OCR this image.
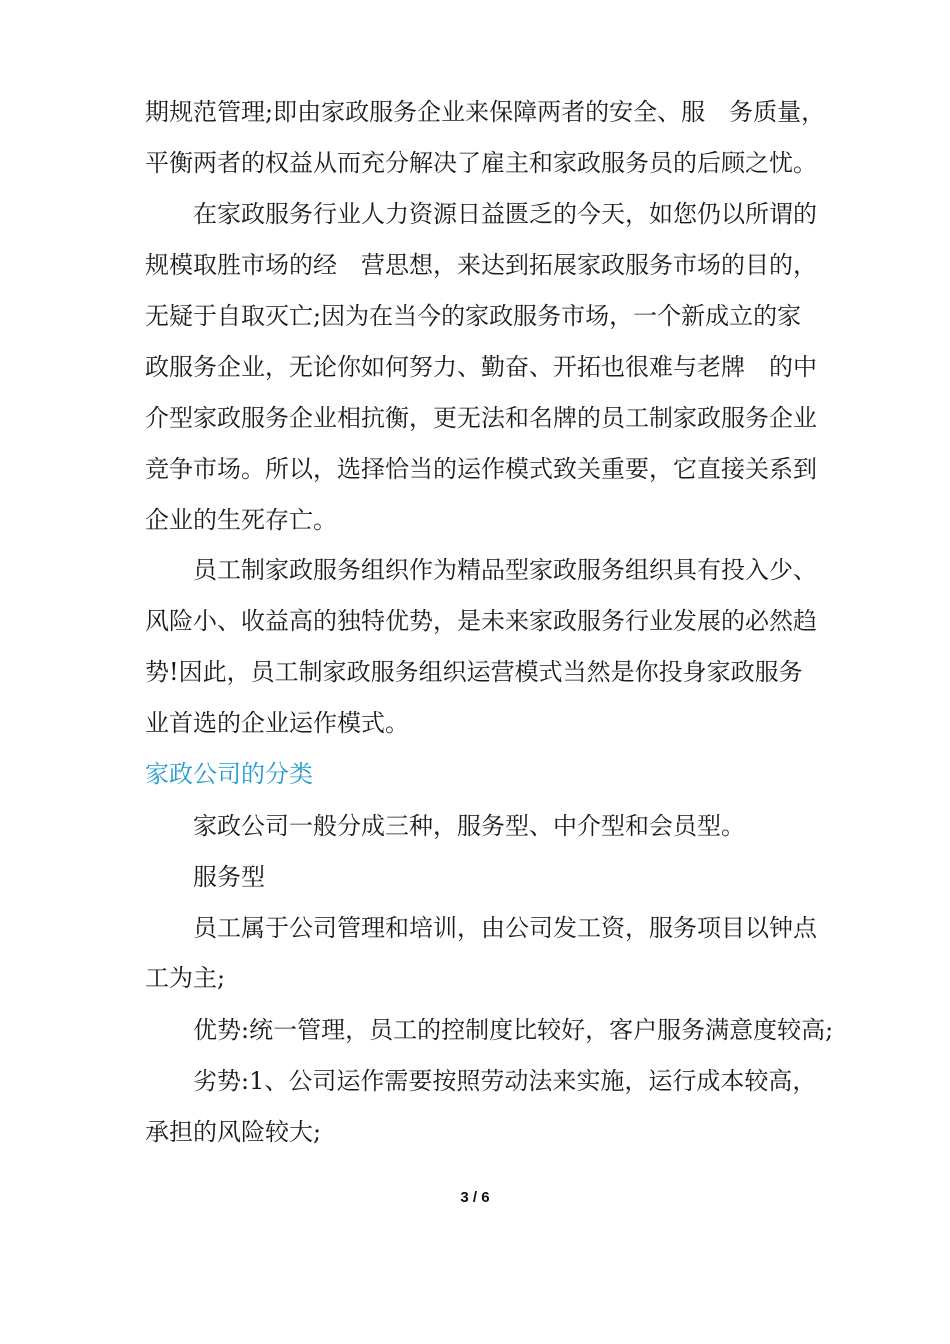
期规范管理;即由家政服务企业来保障两者的安全、服　务质量，
平衡两者的权益从而充分解决了雇主和家政服务员的后顾之忧。
在家政服务行业人力资源日益匮乏的今天，如您仍以所谓的
规模取胜市场的经　营思想，来达到拓展家政服务市场的目的，
无疑于自取灭亡;因为在当今的家政服务市场，一个新成立的家
政服务企业，无论你如何努力、勤奋、开拓也很难与老牌　的中
介型家政服务企业相抗衡，更无法和名牌的员工制家政服务企业
竞争市场。所以，选择恰当的运作模式致关重要，它直接关系到
企业的生死存亡。
员工制家政服务组织作为精品型家政服务组织具有投入少、
风险小、收益高的独特优势，是未来家政服务行业发展的必然趋
势!因此，员工制家政服务组织运营模式当然是你投身家政服务
业首选的企业运作模式。
家政公司的分类
家政公司一般分成三种，服务型、中介型和会员型。
服务型
员工属于公司管理和培训，由公司发工资，服务项目以钟点
工为主;
优势:统一管理，员工的控制度比较好，客户服务满意度较高;
劣势:1、公司运作需要按照劳动法来实施，运行成本较高，
承担的风险较大;
3 / 6
